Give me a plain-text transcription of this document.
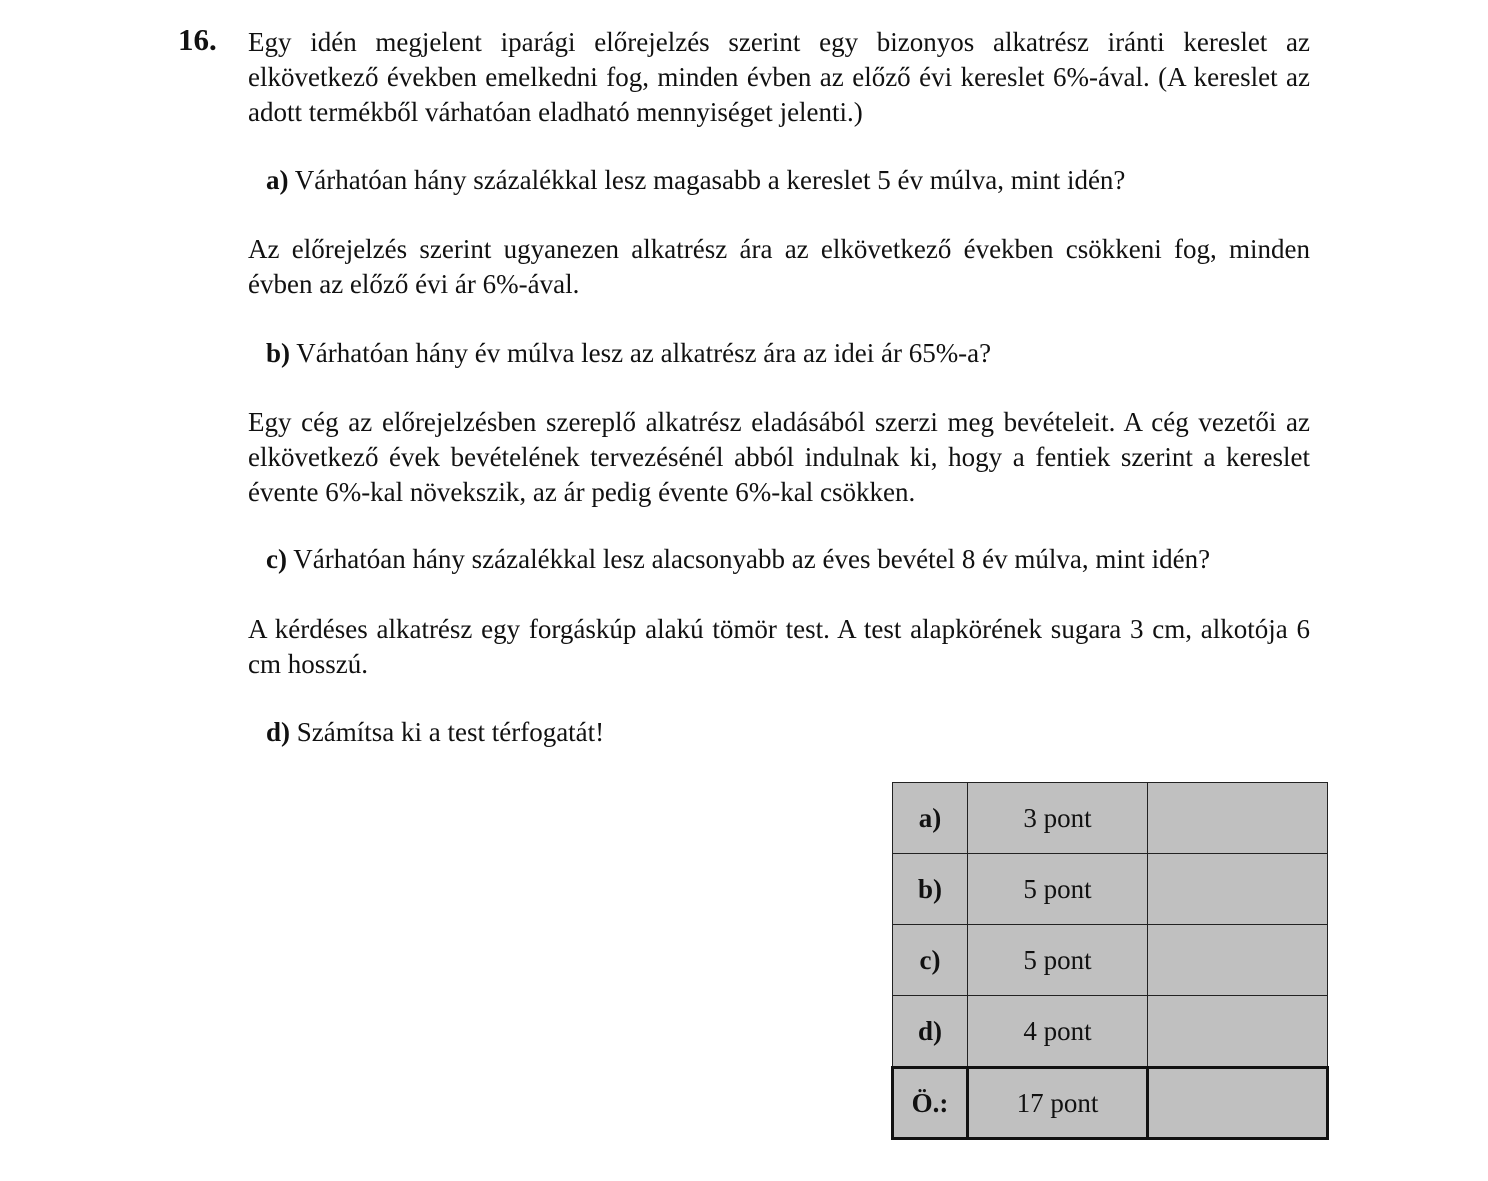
16. Egy idén megjelent iparági előrejelzés szerint egy bizonyos alkatrész iránti kereslet az elkövetkező években emelkedni fog, minden évben az előző évi kereslet 6%-ával. (A kereslet az adott termékből várhatóan eladható mennyiséget jelenti.)
a) Várhatóan hány százalékkal lesz magasabb a kereslet 5 év múlva, mint idén?
Az előrejelzés szerint ugyanezen alkatrész ára az elkövetkező években csökkeni fog, minden évben az előző évi ár 6%-ával.
b) Várhatóan hány év múlva lesz az alkatrész ára az idei ár 65%-a?
Egy cég az előrejelzésben szereplő alkatrész eladásából szerzi meg bevételeit. A cég vezetői az elkövetkező évek bevételének tervezésénél abból indulnak ki, hogy a fentiek szerint a kereslet évente 6%-kal növekszik, az ár pedig évente 6%-kal csökken.
c) Várhatóan hány százalékkal lesz alacsonyabb az éves bevétel 8 év múlva, mint idén?
A kérdéses alkatrész egy forgáskúp alakú tömör test. A test alapkörének sugara 3 cm, alkotója 6 cm hosszú.
d) Számítsa ki a test térfogatát!
a)	3 pont	
b)	5 pont	
c)	5 pont	
d)	4 pont	
Ö.:	17 pont	
